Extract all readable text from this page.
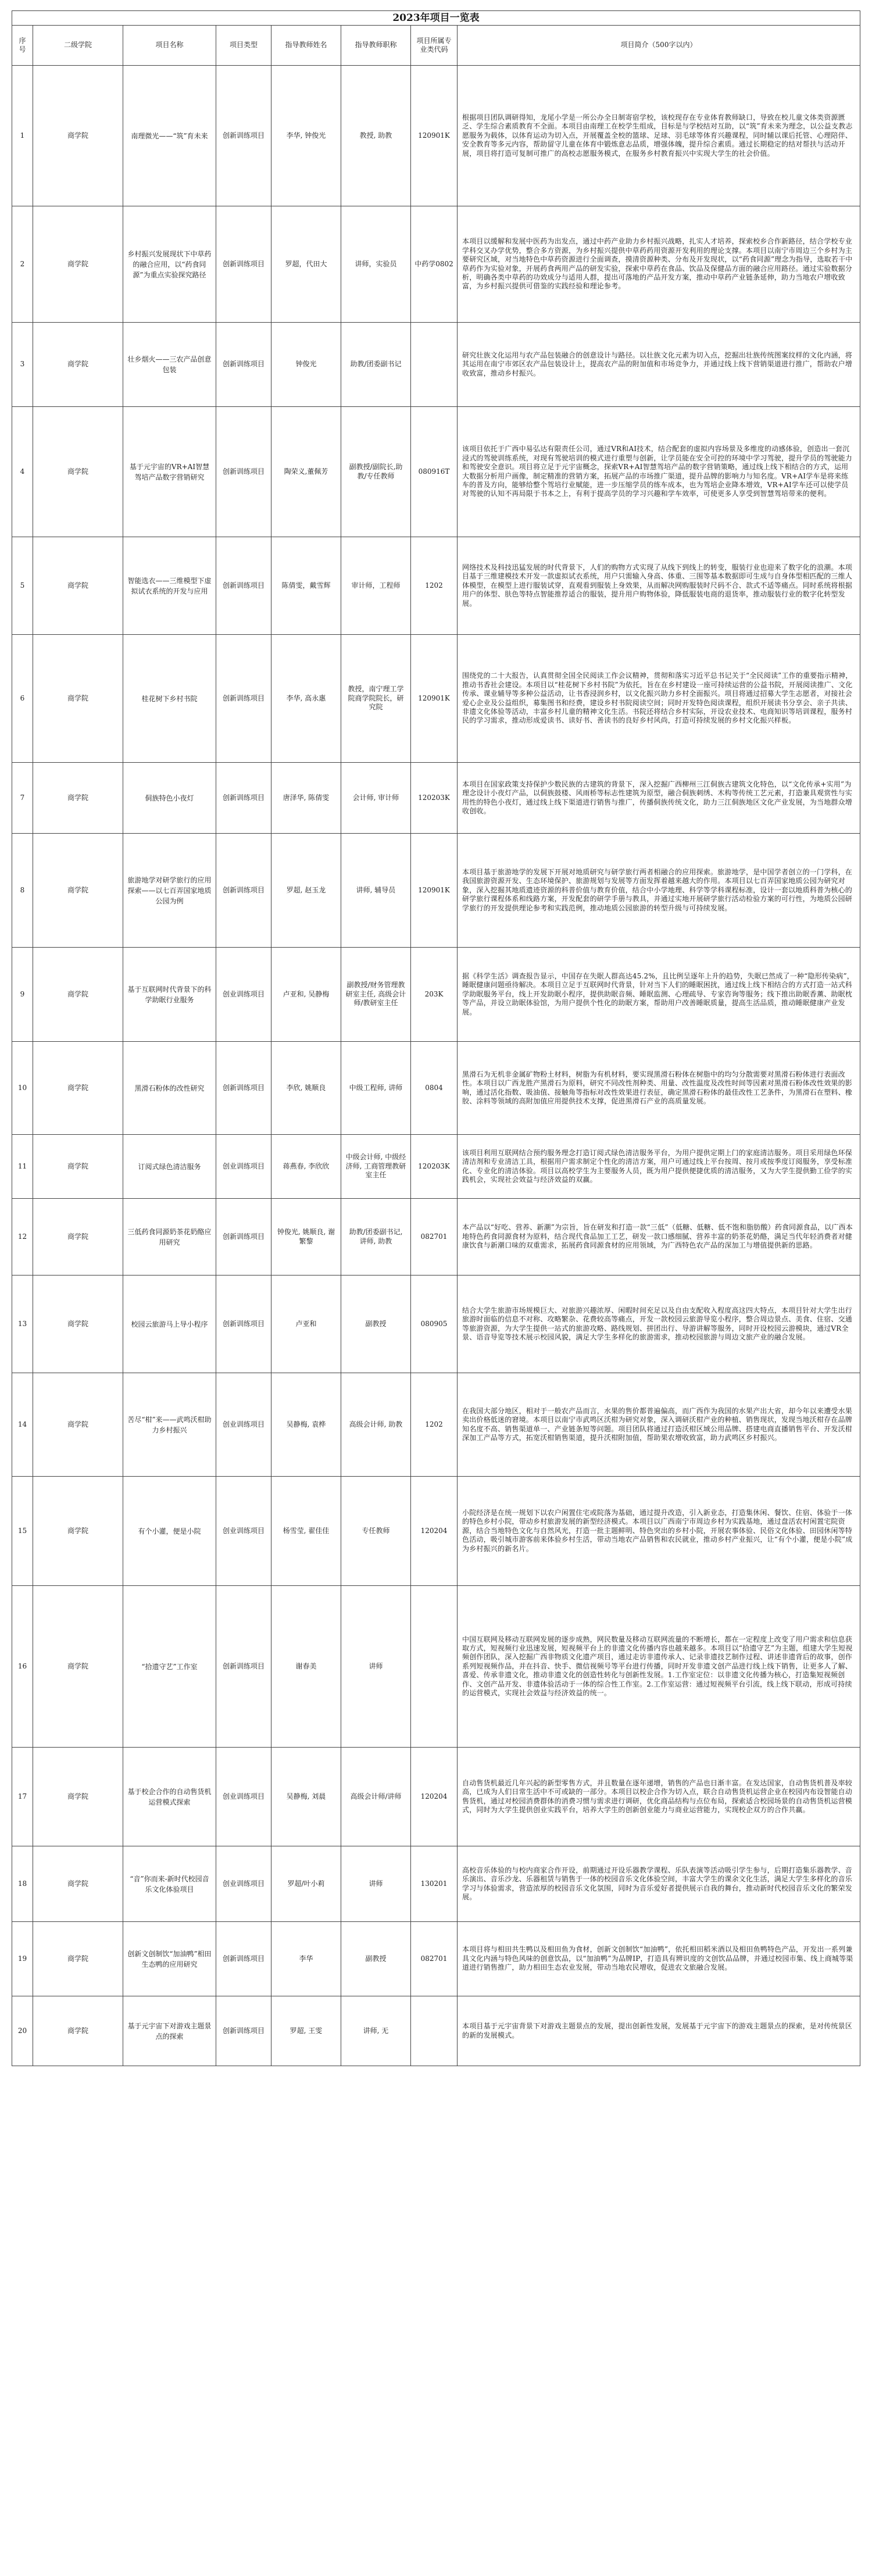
2023年项目一览表
序号	二级学院	项目名称	项目类型	指导教师姓名	指导教师职称	项目所属专业类代码	项目简介（500字以内）
1	商学院	南理微光——“筑”育未来	创新训练项目	李华, 钟俊光	教授, 助教	120901K	根据项目团队调研得知，龙尾小学是一所公办全日制寄宿学校，该校现存在专业体育教师缺口，导致在校儿童文体类资源匮乏、学生综合素质教育不全面。本项目由南理工在校学生组成，目标是与学校结对互助，以“筑”育未来为理念，以公益支教志愿服务为载体，以体育运动为切入点，开展覆盖全校的篮球、足球、羽毛球等体育兴趣课程，同时辅以课后托管、心理陪伴、安全教育等多元内容，帮助留守儿童在体育中锻炼意志品质，增强体魄，提升综合素质。通过长期稳定的结对帮扶与活动开展，项目将打造可复制可推广的高校志愿服务模式，在服务乡村教育振兴中实现大学生的社会价值。
2	商学院	乡村振兴发展现状下中草药的融合应用，以“药食同源”为重点实验探究路径	创新训练项目	罗超，代田大	讲师，实验员	中药学0802	本项目以缓解和发展中医药为出发点，通过中药产业助力乡村振兴战略，扎实人才培养，探索校乡合作新路径，结合学校专业学科交叉办学优势，整合多方资源，为乡村振兴提供中草药药用资源开发利用的理论支撑。本项目以南宁市周边三个乡村为主要研究区域，对当地特色中草药资源进行全面调查，摸清资源种类、分布及开发现状，以“药食同源”理念为指导，选取若干中草药作为实验对象，开展药食两用产品的研发实验，探索中草药在食品、饮品及保健品方面的融合应用路径。通过实验数据分析，明确各类中草药的功效成分与适用人群，提出可落地的产品开发方案，推动中草药产业链条延伸，助力当地农户增收致富，为乡村振兴提供可借鉴的实践经验和理论参考。
3	商学院	壮乡烟火——三农产品创意包装	创新训练项目	钟俊光	助教/团委副书记		研究壮族文化运用与农产品包装融合的创意设计与路径。以壮族文化元素为切入点，挖掘出壮族传统图案纹样的文化内涵，将其运用在南宁市郊区农产品包装设计上，提高农产品的附加值和市场竞争力，并通过线上线下营销渠道进行推广，帮助农户增收致富，推动乡村振兴。
4	商学院	基于元宇宙的VR+AI智慧驾培产品数字营销研究	创新训练项目	陶荣义,董佩芳	副教授/副院长,助教/专任教师	080916T	该项目依托于广西中易弘达有限责任公司，通过VR和AI技术，结合配套的虚拟内容场景及多维度的动感体验，创造出一套沉浸式的驾驶训练系统，对现有驾驶培训的模式进行重塑与创新，让学员能在安全可控的环境中学习驾驶，提升学员的驾驶能力和驾驶安全意识。项目将立足于元宇宙概念，探索VR+AI智慧驾培产品的数字营销策略，通过线上线下相结合的方式，运用大数据分析用户画像，制定精准的营销方案，拓展产品的市场推广渠道，提升品牌的影响力与知名度。VR+AI学车是将来练车的普及方向，能够给整个驾培行业赋能，进一步压缩学员的练车成本，也为驾培企业降本增效，VR+AI学车还可以使学员对驾驶的认知不再局限于书本之上，有利于提高学员的学习兴趣和学车效率，可使更多人享受到智慧驾培带来的便利。
5	商学院	智能选衣——三维模型下虚拟试衣系统的开发与应用	创新训练项目	陈倩雯，戴雪辉	审计师，工程师	1202	网络技术及科技迅猛发展的时代背景下，人们的购物方式实现了从线下到线上的转变，服装行业也迎来了数字化的浪潮。本项目基于三维建模技术开发一款虚拟试衣系统，用户只需输入身高、体重、三围等基本数据即可生成与自身体型相匹配的三维人体模型，在模型上进行服装试穿，直观看到服装上身效果，从而解决网购服装时尺码不合、款式不适等痛点。同时系统将根据用户的体型、肤色等特点智能推荐适合的服装，提升用户购物体验，降低服装电商的退货率，推动服装行业的数字化转型发展。
6	商学院	桂花树下乡村书院	创新训练项目	李华, 高永惠	教授，南宁理工学院商学院院长，研究院	120901K	围绕党的二十大报告，认真贯彻全国全民阅读工作会议精神，贯彻和落实习近平总书记关于“全民阅读”工作的重要指示精神，推动书香社会建设。本项目以“桂花树下乡村书院”为依托，旨在在乡村建设一座可持续运营的公益书院，开展阅读推广、文化传承、课业辅导等多种公益活动，让书香浸润乡村，以文化振兴助力乡村全面振兴。项目将通过招募大学生志愿者，对接社会爱心企业及公益组织，募集图书和经费，建设乡村书院阅读空间；同时开发特色阅读课程，组织开展读书分享会、亲子共读、非遗文化体验等活动，丰富乡村儿童的精神文化生活。书院还将结合乡村实际，开设农业技术、电商知识等培训课程，服务村民的学习需求，推动形成爱读书、读好书、善读书的良好乡村风尚，打造可持续发展的乡村文化振兴样板。
7	商学院	侗族特色小夜灯	创新训练项目	唐泽华, 陈倩雯	会计师, 审计师	120203K	本项目在国家政策支持保护少数民族的古建筑的背景下，深入挖掘广西柳州三江侗族古建筑文化特色，以“文化传承+实用”为理念设计小夜灯产品，以侗族鼓楼、风雨桥等标志性建筑为原型，融合侗族刺绣、木构等传统工艺元素，打造兼具观赏性与实用性的特色小夜灯，通过线上线下渠道进行销售与推广，传播侗族传统文化，助力三江侗族地区文化产业发展，为当地群众增收创收。
8	商学院	旅游地学对研学旅行的应用探索——以七百弄国家地质公园为例	创新训练项目	罗超, 赵玉龙	讲师, 辅导员	120901K	本项目基于旅游地学的发展下开展对地质研究与研学旅行两者相融合的应用探索。旅游地学，是中国学者创立的一门学科，在我国旅游资源开发、生态环境保护、旅游规划与发展等方面发挥着越来越大的作用。本项目以七百弄国家地质公园为研究对象，深入挖掘其地质遗迹资源的科普价值与教育价值，结合中小学地理、科学等学科课程标准，设计一套以地质科普为核心的研学旅行课程体系和线路方案，开发配套的研学手册与教具，并通过实地开展研学旅行活动检验方案的可行性，为地质公园研学旅行的开发提供理论参考和实践范例，推动地质公园旅游的转型升级与可持续发展。
9	商学院	基于互联网时代背景下的科学助眠行业服务	创业训练项目	卢亚和, 吴静梅	副教授/财务管理教研室主任, 高级会计师/教研室主任	203K	据《科学生活》调查报告显示，中国存在失眠人群高达45.2%，且比例呈逐年上升的趋势，失眠已然成了一种“隐形传染病”，睡眠健康问题亟待解决。本项目立足于互联网时代背景，针对当下人们的睡眠困扰，通过线上线下相结合的方式打造一站式科学助眠服务平台，线上开发助眠小程序，提供助眠音频、睡眠监测、心理疏导、专家咨询等服务；线下推出助眠香薰、助眠枕等产品，并设立助眠体验馆，为用户提供个性化的助眠方案，帮助用户改善睡眠质量，提高生活品质，推动睡眠健康产业发展。
10	商学院	黑滑石粉体的改性研究	创新训练项目	李欣, 姚顺良	中级工程师, 讲师	0804	黑滑石为无机非金属矿物粉土材料，树脂为有机材料，要实现黑滑石粉体在树脂中的均匀分散需要对黑滑石粉体进行表面改性。本项目以广西龙胜产黑滑石为原料，研究不同改性剂种类、用量、改性温度及改性时间等因素对黑滑石粉体改性效果的影响，通过活化指数、吸油值、接触角等指标对改性效果进行表征，确定黑滑石粉体的最佳改性工艺条件，为黑滑石在塑料、橡胶、涂料等领域的高附加值应用提供技术支撑，促进黑滑石产业的高质量发展。
11	商学院	订阅式绿色清洁服务	创业训练项目	蒋燕春, 李欣欣	中级会计师, 中级经济师, 工商管理教研室主任	120203K	该项目利用互联网结合预约服务理念打造订阅式绿色清洁服务平台，为用户提供定期上门的家庭清洁服务。项目采用绿色环保清洁剂和专业清洁工具，根据用户需求制定个性化的清洁方案，用户可通过线上平台按周、按月或按季度订阅服务，享受标准化、专业化的清洁体验。项目以高校学生为主要服务人员，既为用户提供便捷优质的清洁服务，又为大学生提供勤工俭学的实践机会，实现社会效益与经济效益的双赢。
12	商学院	三低药食同源奶茶花奶酪应用研究	创新训练项目	钟俊光, 姚顺良, 谢繁黎	助教/团委副书记, 讲师, 助教	082701	本产品以“好吃、营养、新潮”为宗旨，旨在研发和打造一款“三低”（低糖、低糖、低不饱和脂肪酸）药食同源食品，以广西本地特色药食同源食材为原料，结合现代食品加工工艺，研发一款口感细腻、营养丰富的奶茶花奶酪，满足当代年轻消费者对健康饮食与新潮口味的双重需求，拓展药食同源食材的应用领域，为广西特色农产品的深加工与增值提供新的思路。
13	商学院	校园云旅游马上导小程序	创新训练项目	卢亚和	副教授	080905	结合大学生旅游市场规模巨大、对旅游兴趣浓厚、闲暇时间充足以及自由支配收入程度高这四大特点，本项目针对大学生出行旅游时面临的信息不对称、攻略繁杂、花费较高等痛点，开发一款校园云旅游导览小程序，整合周边景点、美食、住宿、交通等旅游资源，为大学生提供一站式的旅游攻略、路线规划、拼团出行、导游讲解等服务，同时开设校园云游模块，通过VR全景、语音导览等技术展示校园风貌，满足大学生多样化的旅游需求，推动校园旅游与周边文旅产业的融合发展。
14	商学院	苦尽“柑”来——武鸣沃柑助力乡村振兴	创业训练项目	吴静梅, 袁桦	高级会计师, 助教	1202	在我国大部分地区，相对于一般农产品而言，水果的售价都普遍偏高，而广西作为我国的水果产出大省，却今年以来遭受水果卖出价格低迷的窘境。本项目以南宁市武鸣区沃柑为研究对象，深入调研沃柑产业的种植、销售现状，发现当地沃柑存在品牌知名度不高、销售渠道单一、产业链条短等问题。项目团队将通过打造沃柑区域公用品牌、搭建电商直播销售平台、开发沃柑深加工产品等方式，拓宽沃柑销售渠道，提升沃柑附加值，帮助果农增收致富，助力武鸣区乡村振兴。
15	商学院	有个小灌，便是小院	创业训练项目	杨雪莹, 翟佳佳	专任教师	120204	小院经济是在统一规划下以农户闲置住宅或院落为基础，通过提升改造，引入新业态，打造集休闲、餐饮、住宿、体验于一体的特色乡村小院，带动乡村旅游发展的新型经济模式。本项目以广西南宁市周边乡村为实践基地，通过盘活农村闲置宅院资源，结合当地特色文化与自然风光，打造一批主题鲜明、特色突出的乡村小院，开展农事体验、民俗文化体验、田园休闲等特色活动，吸引城市游客前来体验乡村生活，带动当地农产品销售和农民就业，推动乡村产业振兴，让“有个小灌，便是小院”成为乡村振兴的新名片。
16	商学院	“拾遗守艺”工作室	创新训练项目	谢春美	讲师		中国互联网及移动互联网发展的逐步成熟，网民数量及移动互联网流量的不断增长，都在一定程度上改变了用户需求和信息获取方式，短视频行业迅速发展，短视频平台上的非遗文化传播内容也越来越多。本项目以“拾遗守艺”为主题，组建大学生短视频创作团队，深入挖掘广西非物质文化遗产项目，通过走访非遗传承人、记录非遗技艺制作过程、讲述非遗背后的故事，创作系列短视频作品，并在抖音、快手、微信视频号等平台进行传播，同时开发非遗文创产品进行线上线下销售，让更多人了解、喜爱、传承非遗文化，推动非遗文化的创造性转化与创新性发展。1.工作室定位：以非遗文化传播为核心，打造集短视频创作、文创产品开发、非遗体验活动于一体的综合性工作室。2.工作室运营：通过短视频平台引流，线上线下联动，形成可持续的运营模式，实现社会效益与经济效益的统一。
17	商学院	基于校企合作的自动售货机运营模式探索	创业训练项目	吴静梅, 刘晨	高级会计师/讲师	120204	自动售货机最近几年兴起的新型零售方式，并且数量在逐年递增，销售的产品也日渐丰富。在发达国家，自动售货机普及率较高，已成为人们日常生活中不可或缺的一部分。本项目以校企合作为切入点，联合自动售货机运营企业在校园内布设智能自动售货机，通过对校园消费群体的消费习惯与需求进行调研，优化商品结构与点位布局，探索适合校园场景的自动售货机运营模式，同时为大学生提供创业实践平台，培养大学生的创新创业能力与商业运营能力，实现校企双方的合作共赢。
18	商学院	“音”你而来-新时代校园音乐文化体验项目	创业训练项目	罗超/叶小莉	讲师	130201	高校音乐体验的与校内商家合作开设，前期通过开设乐器教学课程、乐队表演等活动吸引学生参与，后期打造集乐器教学、音乐演出、音乐沙龙、乐器租赁与销售于一体的校园音乐文化体验空间，丰富大学生的课余文化生活，满足大学生多样化的音乐学习与体验需求，营造浓厚的校园音乐文化氛围，同时为音乐爱好者提供展示自我的舞台，推动新时代校园音乐文化的繁荣发展。
19	商学院	创新文创制饮“加油鸭”相田生态鸭的应用研究	创新训练项目	李华	副教授	082701	本项目将与相田共生鸭以及相田鱼为食材，创新文创制饮“加油鸭”，依托相田稻米酒以及相田鱼鸭特色产品，开发出一系列兼具文化内涵与特色风味的创意饮品，以“加油鸭”为品牌IP，打造具有辨识度的文创饮品品牌，并通过校园市集、线上商城等渠道进行销售推广，助力相田生态农业发展，带动当地农民增收，促进农文旅融合发展。
20	商学院	基于元宇宙下对游戏主题景点的探索	创新训练项目	罗超, 王雯	讲师, 无		本项目基于元宇宙背景下对游戏主题景点的发展，提出创新性发展，发展基于元宇宙下的游戏主题景点的探索，是对传统景区的新的发展模式。
